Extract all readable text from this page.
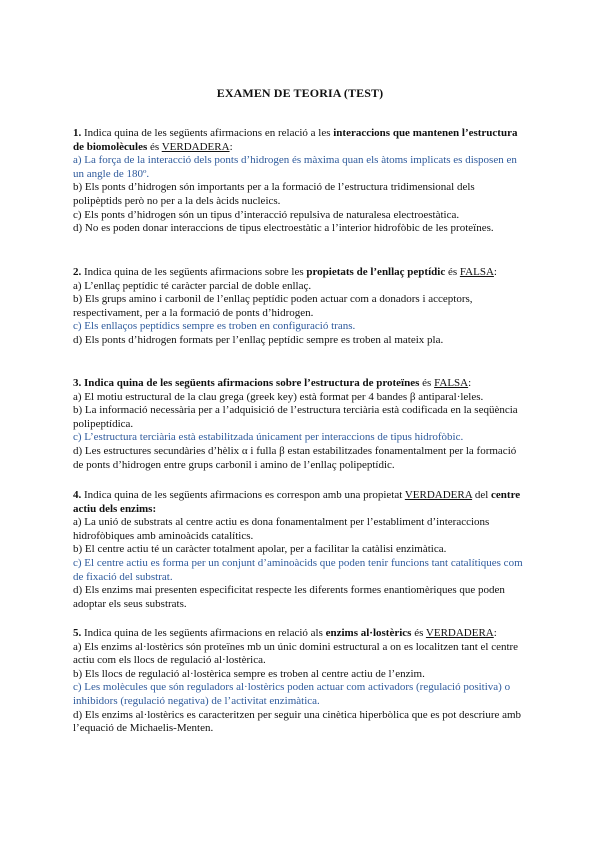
EXAMEN DE TEORIA (TEST)

1. Indica quina de les següents afirmacions en relació a les interaccions que mantenen l’estructura de biomolècules és VERDADERA:

a) La força de la interacció dels ponts d’hidrogen és màxima quan els àtoms implicats es disposen en un angle de 180º.

b) Els ponts d’hidrogen són importants per a la formació de l’estructura tridimensional dels polipèptids però no per a la dels àcids nucleics.

c) Els ponts d’hidrogen són un tipus d’interacció repulsiva de naturalesa electroestàtica.

d) No es poden donar interaccions de tipus electroestàtic a l’interior hidrofòbic de les proteïnes.

2. Indica quina de les següents afirmacions sobre les propietats de l’enllaç peptídic és FALSA:

a) L’enllaç peptídic té caràcter parcial de doble enllaç.

b) Els grups amino i carbonil de l’enllaç peptídic poden actuar com a donadors i acceptors, respectivament, per a la formació de ponts d’hidrogen.

c) Els enllaços peptídics sempre es troben en configuració trans.

d) Els ponts d’hidrogen formats per l’enllaç peptídic sempre es troben al mateix pla.

3. Indica quina de les següents afirmacions sobre l’estructura de proteïnes és FALSA:

a) El motiu estructural de la clau grega (greek key) està format per 4 bandes β antiparal·leles.

b) La informació necessària per a l’adquisició de l’estructura terciària està codificada en la seqüència polipeptídica.

c) L’estructura terciària està estabilitzada únicament per interaccions de tipus hidrofòbic.

d) Les estructures secundàries d’hèlix α i fulla β estan estabilitzades fonamentalment per la formació de ponts d’hidrogen entre grups carbonil i amino de l’enllaç polipeptídic.

4. Indica quina de les següents afirmacions es correspon amb una propietat VERDADERA del centre actiu dels enzims:

a) La unió de substrats al centre actiu es dona fonamentalment per l’establiment d’interaccions hidrofòbiques amb aminoàcids catalítics.

b) El centre actiu té un caràcter totalment apolar, per a facilitar la catàlisi enzimàtica.

c) El centre actiu es forma per un conjunt d’aminoàcids que poden tenir funcions tant catalítiques com de fixació del substrat.

d) Els enzims mai presenten especificitat respecte les diferents formes enantiomèriques que poden adoptar els seus substrats.

5. Indica quina de les següents afirmacions en relació als enzims al·lostèrics és VERDADERA:

a) Els enzims al·lostèrics són proteïnes mb un únic domini estructural a on es localitzen tant el centre actiu com els llocs de regulació al·lostèrica.

b) Els llocs de regulació al·lostèrica sempre es troben al centre actiu de l’enzim.

c) Les molècules que són reguladors al·lostèrics poden actuar com activadors (regulació positiva) o inhibidors (regulació negativa) de l’activitat enzimàtica.

d) Els enzims al·lostèrics es caracteritzen per seguir una cinètica hiperbòlica que es pot descriure amb l’equació de Michaelis-Menten.
